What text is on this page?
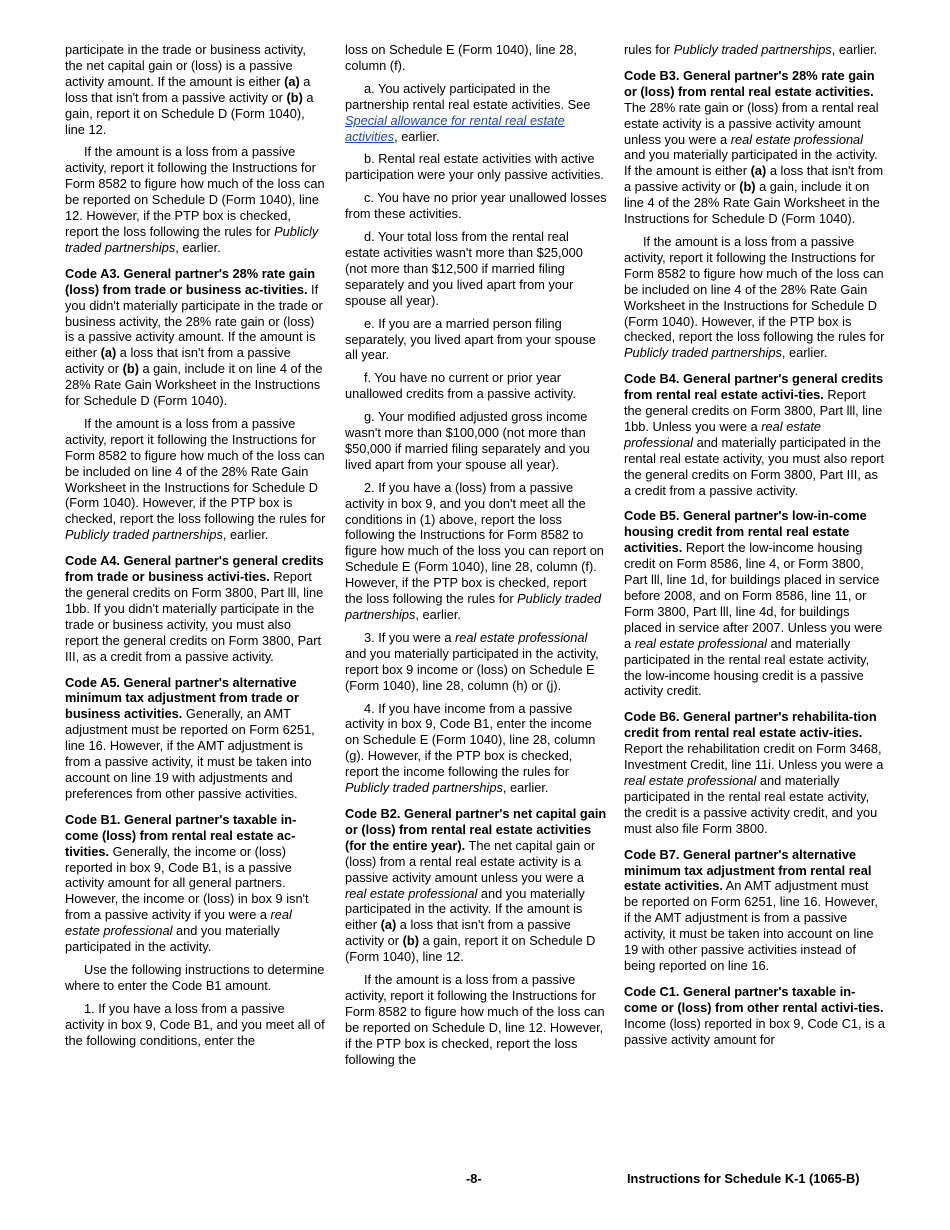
participate in the trade or business activity, the net capital gain or (loss) is a passive activity amount. If the amount is either (a) a loss that isn't from a passive activity or (b) a gain, report it on Schedule D (Form 1040), line 12.

If the amount is a loss from a passive activity, report it following the Instructions for Form 8582 to figure how much of the loss can be reported on Schedule D (Form 1040), line 12. However, if the PTP box is checked, report the loss following the rules for Publicly traded partnerships, earlier.

Code A3. General partner's 28% rate gain (loss) from trade or business ac-tivities. If you didn't materially participate in the trade or business activity, the 28% rate gain or (loss) is a passive activity amount. If the amount is either (a) a loss that isn't from a passive activity or (b) a gain, include it on line 4 of the 28% Rate Gain Worksheet in the Instructions for Schedule D (Form 1040).

If the amount is a loss from a passive activity, report it following the Instructions for Form 8582 to figure how much of the loss can be included on line 4 of the 28% Rate Gain Worksheet in the Instructions for Schedule D (Form 1040). However, if the PTP box is checked, report the loss following the rules for Publicly traded partnerships, earlier.

Code A4. General partner's general credits from trade or business activi-ties. Report the general credits on Form 3800, Part lll, line 1bb. If you didn't materially participate in the trade or business activity, you must also report the general credits on Form 3800, Part III, as a credit from a passive activity.

Code A5. General partner's alternative minimum tax adjustment from trade or business activities. Generally, an AMT adjustment must be reported on Form 6251, line 16. However, if the AMT adjustment is from a passive activity, it must be taken into account on line 19 with adjustments and preferences from other passive activities.

Code B1. General partner's taxable in-come (loss) from rental real estate ac-tivities. Generally, the income or (loss) reported in box 9, Code B1, is a passive activity amount for all general partners. However, the income or (loss) in box 9 isn't from a passive activity if you were a real estate professional and you materially participated in the activity.

Use the following instructions to determine where to enter the Code B1 amount.

1. If you have a loss from a passive activity in box 9, Code B1, and you meet all of the following conditions, enter the

loss on Schedule E (Form 1040), line 28, column (f).

a. You actively participated in the partnership rental real estate activities. See Special allowance for rental real estate activities, earlier.

b. Rental real estate activities with active participation were your only passive activities.

c. You have no prior year unallowed losses from these activities.

d. Your total loss from the rental real estate activities wasn't more than $25,000 (not more than $12,500 if married filing separately and you lived apart from your spouse all year).

e. If you are a married person filing separately, you lived apart from your spouse all year.

f. You have no current or prior year unallowed credits from a passive activity.

g. Your modified adjusted gross income wasn't more than $100,000 (not more than $50,000 if married filing separately and you lived apart from your spouse all year).

2. If you have a (loss) from a passive activity in box 9, and you don't meet all the conditions in (1) above, report the loss following the Instructions for Form 8582 to figure how much of the loss you can report on Schedule E (Form 1040), line 28, column (f). However, if the PTP box is checked, report the loss following the rules for Publicly traded partnerships, earlier.

3. If you were a real estate professional and you materially participated in the activity, report box 9 income or (loss) on Schedule E (Form 1040), line 28, column (h) or (j).

4. If you have income from a passive activity in box 9, Code B1, enter the income on Schedule E (Form 1040), line 28, column (g). However, if the PTP box is checked, report the income following the rules for Publicly traded partnerships, earlier.

Code B2. General partner's net capital gain or (loss) from rental real estate activities (for the entire year). The net capital gain or (loss) from a rental real estate activity is a passive activity amount unless you were a real estate professional and you materially participated in the activity. If the amount is either (a) a loss that isn't from a passive activity or (b) a gain, report it on Schedule D (Form 1040), line 12.

If the amount is a loss from a passive activity, report it following the Instructions for Form 8582 to figure how much of the loss can be reported on Schedule D, line 12. However, if the PTP box is checked, report the loss following the

rules for Publicly traded partnerships, earlier.

Code B3. General partner's 28% rate gain or (loss) from rental real estate activities. The 28% rate gain or (loss) from a rental real estate activity is a passive activity amount unless you were a real estate professional and you materially participated in the activity. If the amount is either (a) a loss that isn't from a passive activity or (b) a gain, include it on line 4 of the 28% Rate Gain Worksheet in the Instructions for Schedule D (Form 1040).

If the amount is a loss from a passive activity, report it following the Instructions for Form 8582 to figure how much of the loss can be included on line 4 of the 28% Rate Gain Worksheet in the Instructions for Schedule D (Form 1040). However, if the PTP box is checked, report the loss following the rules for Publicly traded partnerships, earlier.

Code B4. General partner's general credits from rental real estate activi-ties. Report the general credits on Form 3800, Part lll, line 1bb. Unless you were a real estate professional and materially participated in the rental real estate activity, you must also report the general credits on Form 3800, Part III, as a credit from a passive activity.

Code B5. General partner's low-in-come housing credit from rental real estate activities. Report the low-income housing credit on Form 8586, line 4, or Form 3800, Part lll, line 1d, for buildings placed in service before 2008, and on Form 8586, line 11, or Form 3800, Part lll, line 4d, for buildings placed in service after 2007. Unless you were a real estate professional and materially participated in the rental real estate activity, the low-income housing credit is a passive activity credit.

Code B6. General partner's rehabilita-tion credit from rental real estate activ-ities. Report the rehabilitation credit on Form 3468, Investment Credit, line 11i. Unless you were a real estate professional and materially participated in the rental real estate activity, the credit is a passive activity credit, and you must also file Form 3800.

Code B7. General partner's alternative minimum tax adjustment from rental real estate activities. An AMT adjustment must be reported on Form 6251, line 16. However, if the AMT adjustment is from a passive activity, it must be taken into account on line 19 with other passive activities instead of being reported on line 16.

Code C1. General partner's taxable in-come or (loss) from other rental activi-ties. Income (loss) reported in box 9, Code C1, is a passive activity amount for

-8-	Instructions for Schedule K-1 (1065-B)
